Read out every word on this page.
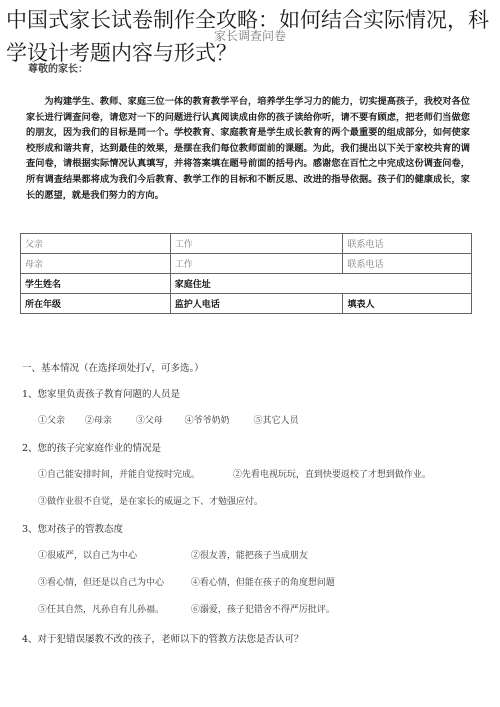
中国式家长试卷制作全攻略：如何结合实际情况，科学设计考题内容与形式？
家长调查问卷
尊敬的家长：

为构建学生、教师、家庭三位一体的教育教学平台，培养学生学习力的能力，切实提高孩子，我校对各位家长进行调查问卷，请您对一下的问题进行认真阅读成由你的孩子读给你听，请不要有顾虑，把老师们当做您的朋友，因为我们的目标是同一个。学校教育、家庭教育是学生成长教育的两个最重要的组成部分，如何使家校形成和谐共育，达到最佳的效果，是摆在我们每位教师面前的课题。为此，我们提出以下关于家校共育的调查问卷，请根据实际情况认真填写，并将答案填在题号前面的括号内。感谢您在百忙之中完成这份调查问卷，所有调查结果都将成为我们今后教育、教学工作的目标和不断反思、改进的指导依据。孩子们的健康成长，家长的愿望，就是我们努力的方向。

父亲	工作	联系电话
母亲	工作	联系电话
学生姓名	家庭住址	
所在年级	监护人电话	填表人
一、基本情况（在选择项处打√，可多选。）
1、您家里负责孩子教育问题的人员是
①父亲 ②母亲	③父母 ④爷爷奶奶	⑤其它人员
2、您的孩子完家庭作业的情况是
①自己能安排时间，并能自觉按时完成。	②先看电视玩玩，直到快要返校了才想到做作业。
③做作业很不自觉，是在家长的威逼之下、才勉强应付。
3、您对孩子的管教态度
①很威严，以自己为中心	②很友善，能把孩子当成朋友
③看心情，但还是以自己为中心	④看心情，但能在孩子的角度想问题
⑤任其自然，凡孙自有儿孙福。	⑥溺爱，孩子犯错舍不得严厉批评。
4、对于犯错误屡教不改的孩子，老师以下的管教方法您是否认可？
